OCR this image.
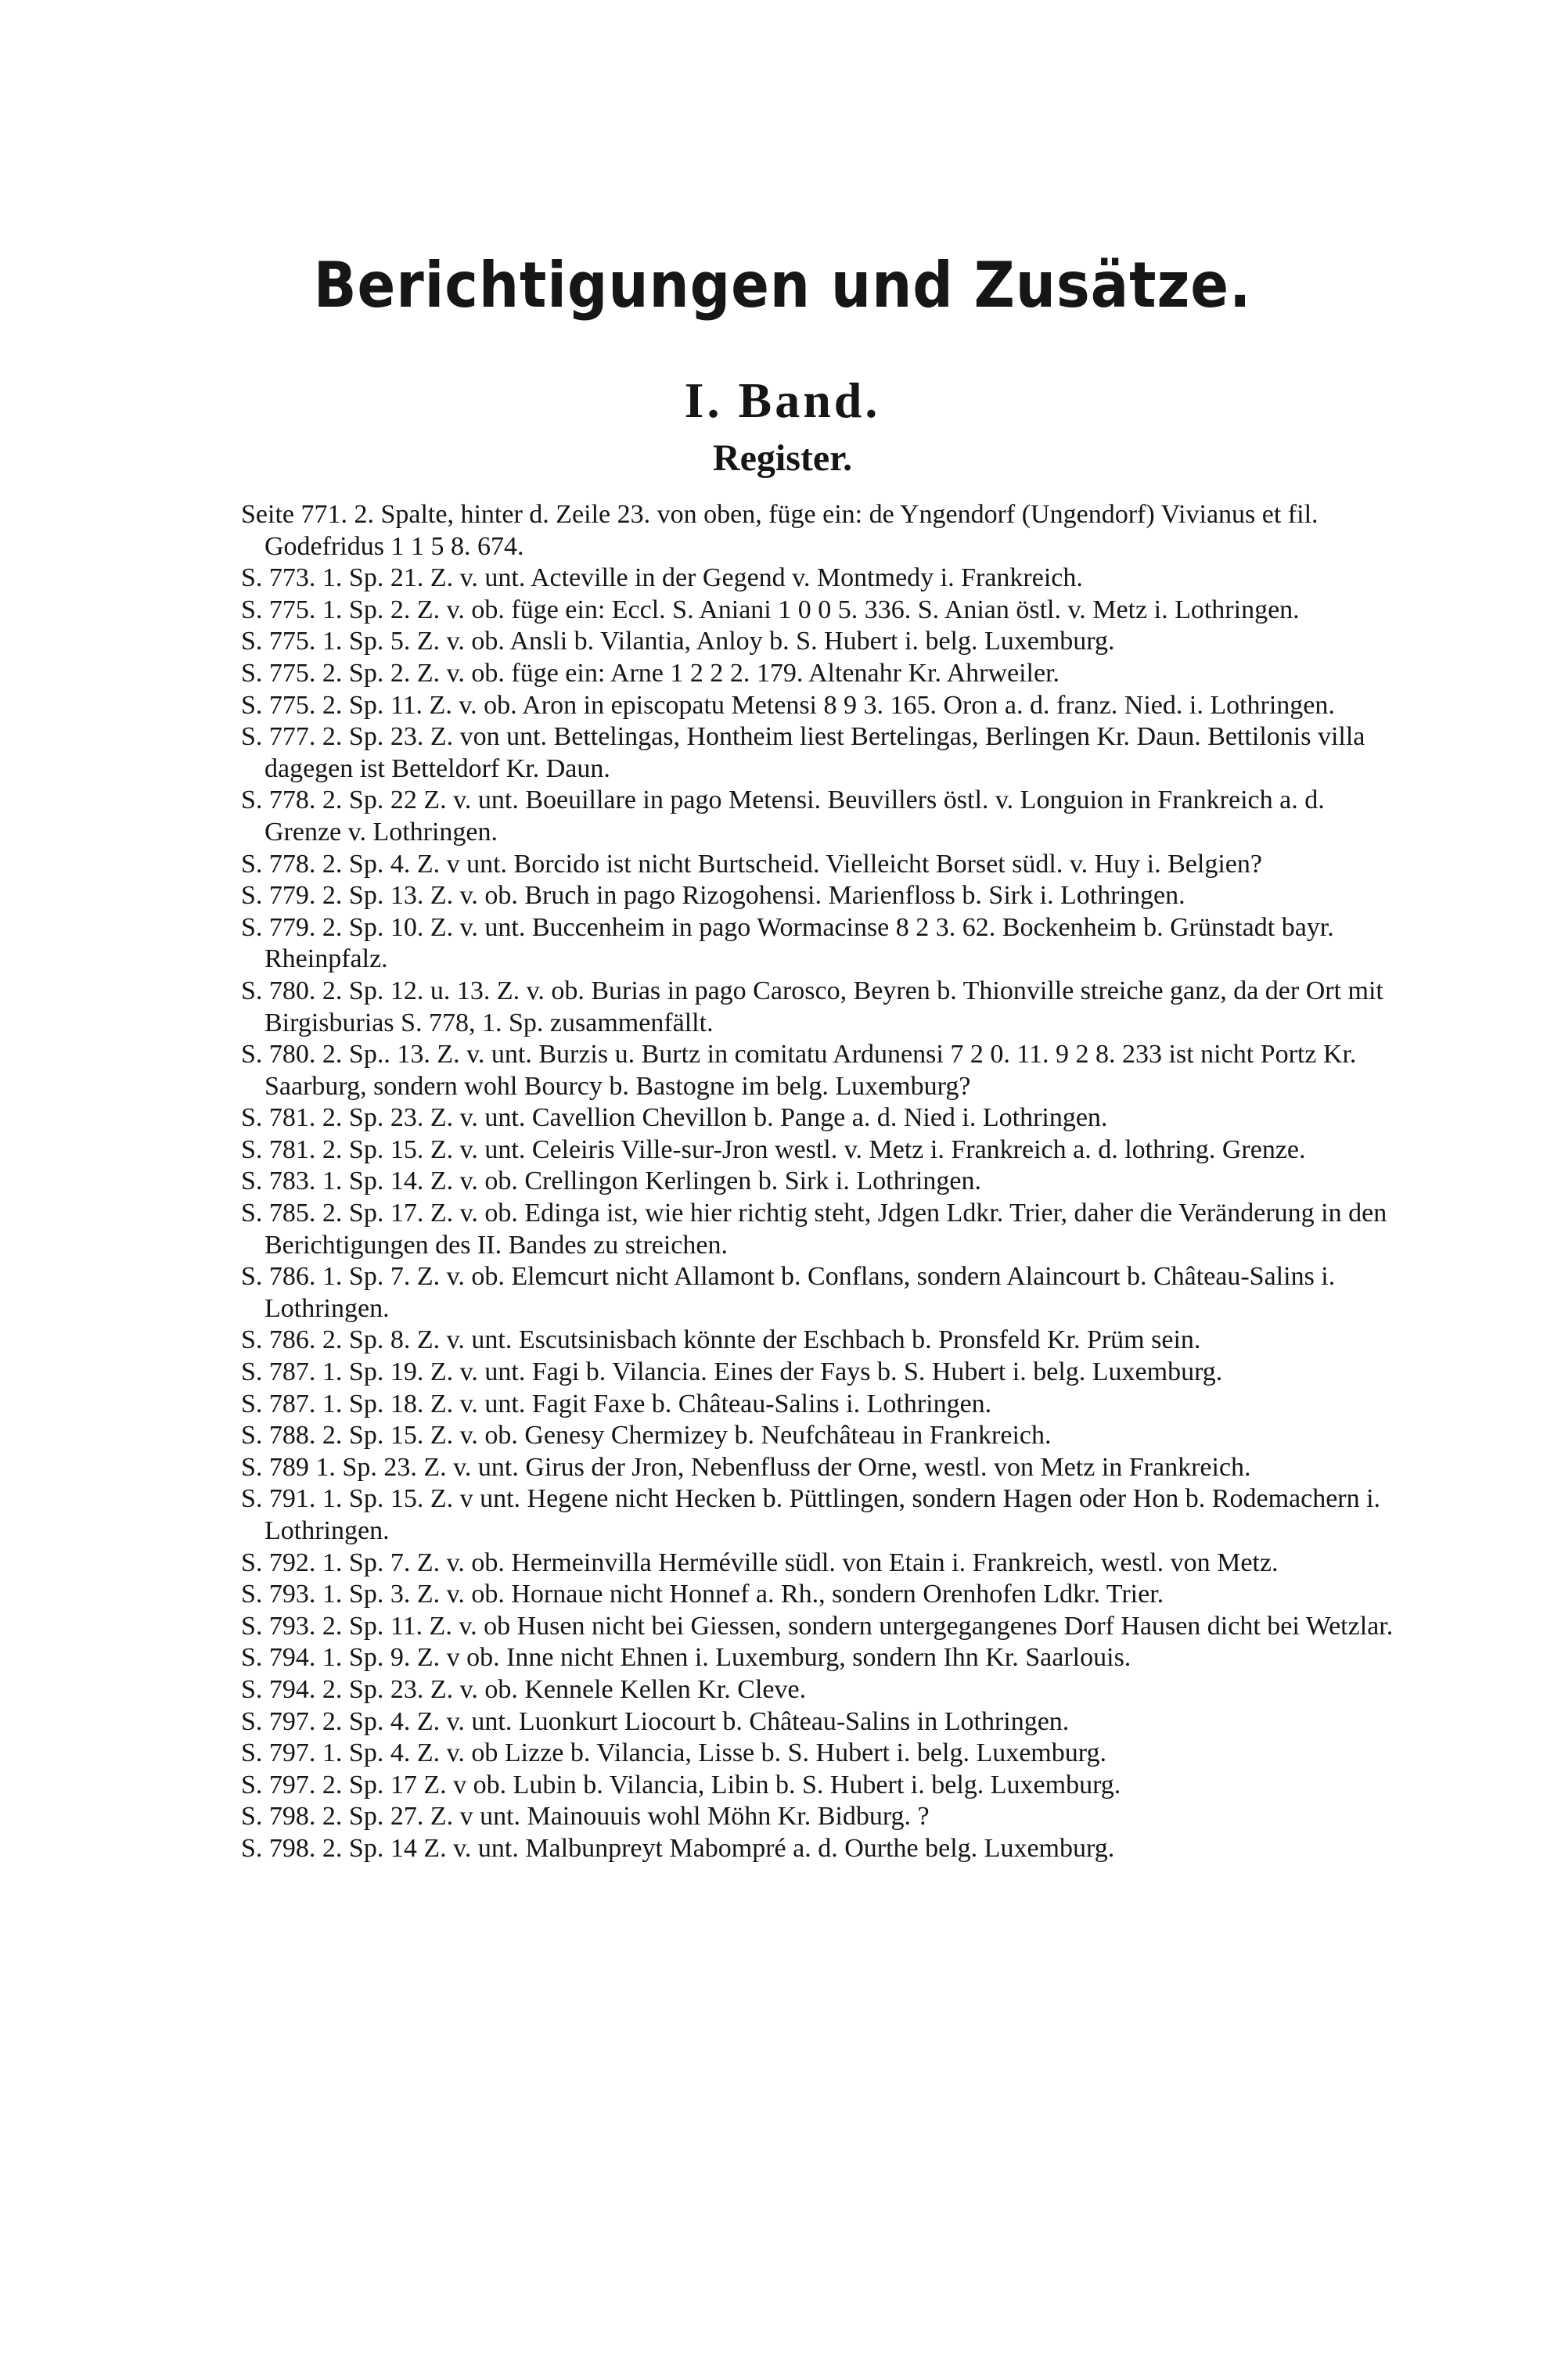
Berichtigungen und Zusätze.
I. Band.
Register.
Seite 771. 2. Spalte, hinter d. Zeile 23. von oben, füge ein: de Yngendorf (Ungendorf) Vivianus et fil. Godefridus 1 1 5 8. 674.
S. 773. 1. Sp. 21. Z. v. unt. Acteville in der Gegend v. Montmedy i. Frankreich.
S. 775. 1. Sp. 2. Z. v. ob. füge ein: Eccl. S. Aniani 1 0 0 5. 336. S. Anian östl. v. Metz i. Lothringen.
S. 775. 1. Sp. 5. Z. v. ob. Ansli b. Vilantia, Anloy b. S. Hubert i. belg. Luxemburg.
S. 775. 2. Sp. 2. Z. v. ob. füge ein: Arne 1 2 2 2. 179. Altenahr Kr. Ahrweiler.
S. 775. 2. Sp. 11. Z. v. ob. Aron in episcopatu Metensi 8 9 3. 165. Oron a. d. franz. Nied. i. Lothringen.
S. 777. 2. Sp. 23. Z. von unt. Bettelingas, Hontheim liest Bertelingas, Berlingen Kr. Daun. Bettilonis villa dagegen ist Betteldorf Kr. Daun.
S. 778. 2. Sp. 22 Z. v. unt. Boeuillare in pago Metensi. Beuvillers östl. v. Longuion in Frankreich a. d. Grenze v. Lothringen.
S. 778. 2. Sp. 4. Z. v unt. Borcido ist nicht Burtscheid. Vielleicht Borset südl. v. Huy i. Belgien?
S. 779. 2. Sp. 13. Z. v. ob. Bruch in pago Rizogohensi. Marienfloss b. Sirk i. Lothringen.
S. 779. 2. Sp. 10. Z. v. unt. Buccenheim in pago Wormacinse 8 2 3. 62. Bockenheim b. Grünstadt bayr. Rheinpfalz.
S. 780. 2. Sp. 12. u. 13. Z. v. ob. Burias in pago Carosco, Beyren b. Thionville streiche ganz, da der Ort mit Birgisburias S. 778, 1. Sp. zusammenfällt.
S. 780. 2. Sp.. 13. Z. v. unt. Burzis u. Burtz in comitatu Ardunensi 7 2 0. 11. 9 2 8. 233 ist nicht Portz Kr. Saarburg, sondern wohl Bourcy b. Bastogne im belg. Luxemburg?
S. 781. 2. Sp. 23. Z. v. unt. Cavellion Chevillon b. Pange a. d. Nied i. Lothringen.
S. 781. 2. Sp. 15. Z. v. unt. Celeiris Ville-sur-Jron westl. v. Metz i. Frankreich a. d. lothring. Grenze.
S. 783. 1. Sp. 14. Z. v. ob. Crellingon Kerlingen b. Sirk i. Lothringen.
S. 785. 2. Sp. 17. Z. v. ob. Edinga ist, wie hier richtig steht, Jdgen Ldkr. Trier, daher die Veränderung in den Berichtigungen des II. Bandes zu streichen.
S. 786. 1. Sp. 7. Z. v. ob. Elemcurt nicht Allamont b. Conflans, sondern Alaincourt b. Château-Salins i. Lothringen.
S. 786. 2. Sp. 8. Z. v. unt. Escutsinisbach könnte der Eschbach b. Pronsfeld Kr. Prüm sein.
S. 787. 1. Sp. 19. Z. v. unt. Fagi b. Vilancia. Eines der Fays b. S. Hubert i. belg. Luxemburg.
S. 787. 1. Sp. 18. Z. v. unt. Fagit Faxe b. Château-Salins i. Lothringen.
S. 788. 2. Sp. 15. Z. v. ob. Genesy Chermizey b. Neufchâteau in Frankreich.
S. 789 1. Sp. 23. Z. v. unt. Girus der Jron, Nebenfluss der Orne, westl. von Metz in Frankreich.
S. 791. 1. Sp. 15. Z. v unt. Hegene nicht Hecken b. Püttlingen, sondern Hagen oder Hon b. Rodemachern i. Lothringen.
S. 792. 1. Sp. 7. Z. v. ob. Hermeinvilla Herméville südl. von Etain i. Frankreich, westl. von Metz.
S. 793. 1. Sp. 3. Z. v. ob. Hornaue nicht Honnef a. Rh., sondern Orenhofen Ldkr. Trier.
S. 793. 2. Sp. 11. Z. v. ob Husen nicht bei Giessen, sondern untergegangenes Dorf Hausen dicht bei Wetzlar.
S. 794. 1. Sp. 9. Z. v ob. Inne nicht Ehnen i. Luxemburg, sondern Ihn Kr. Saarlouis.
S. 794. 2. Sp. 23. Z. v. ob. Kennele Kellen Kr. Cleve.
S. 797. 2. Sp. 4. Z. v. unt. Luonkurt Liocourt b. Château-Salins in Lothringen.
S. 797. 1. Sp. 4. Z. v. ob Lizze b. Vilancia, Lisse b. S. Hubert i. belg. Luxemburg.
S. 797. 2. Sp. 17 Z. v ob. Lubin b. Vilancia, Libin b. S. Hubert i. belg. Luxemburg.
S. 798. 2. Sp. 27. Z. v unt. Mainouuis wohl Möhn Kr. Bidburg. ?
S. 798. 2. Sp. 14 Z. v. unt. Malbunpreyt Mabompré a. d. Ourthe belg. Luxemburg.
